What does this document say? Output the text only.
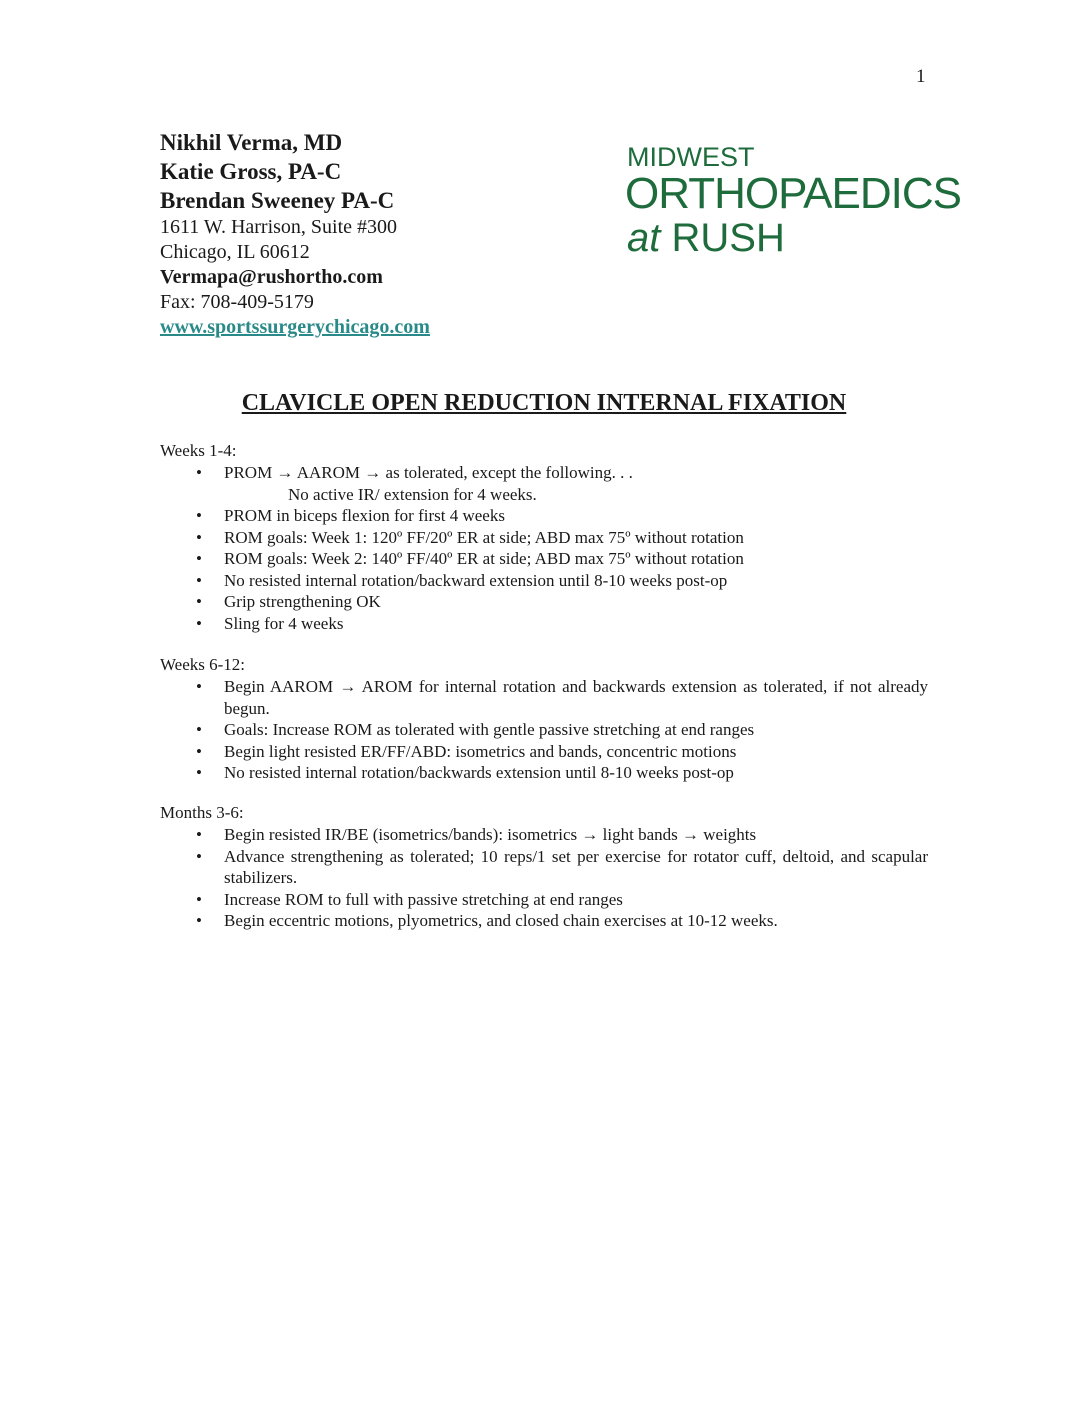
1
Nikhil Verma, MD
Katie Gross, PA-C
Brendan Sweeney PA-C
1611 W. Harrison, Suite #300
Chicago, IL 60612
Vermapa@rushortho.com
Fax: 708-409-5179
www.sportssurgerychicago.com
MIDWEST
ORTHOPAEDICS
at RUSH
CLAVICLE OPEN REDUCTION INTERNAL FIXATION
Weeks 1-4:
• PROM → AAROM → as tolerated, except the following. . .
No active IR/ extension for 4 weeks.
• PROM in biceps flexion for first 4 weeks
• ROM goals: Week 1: 120º FF/20º ER at side; ABD max 75º without rotation
• ROM goals: Week 2: 140º FF/40º ER at side; ABD max 75º without rotation
• No resisted internal rotation/backward extension until 8-10 weeks post-op
• Grip strengthening OK
• Sling for 4 weeks
Weeks 6-12:
• Begin AAROM → AROM for internal rotation and backwards extension as tolerated, if not already begun.
• Goals: Increase ROM as tolerated with gentle passive stretching at end ranges
• Begin light resisted ER/FF/ABD: isometrics and bands, concentric motions
• No resisted internal rotation/backwards extension until 8-10 weeks post-op
Months 3-6:
• Begin resisted IR/BE (isometrics/bands): isometrics → light bands → weights
• Advance strengthening as tolerated; 10 reps/1 set per exercise for rotator cuff, deltoid, and scapular stabilizers.
• Increase ROM to full with passive stretching at end ranges
• Begin eccentric motions, plyometrics, and closed chain exercises at 10-12 weeks.
